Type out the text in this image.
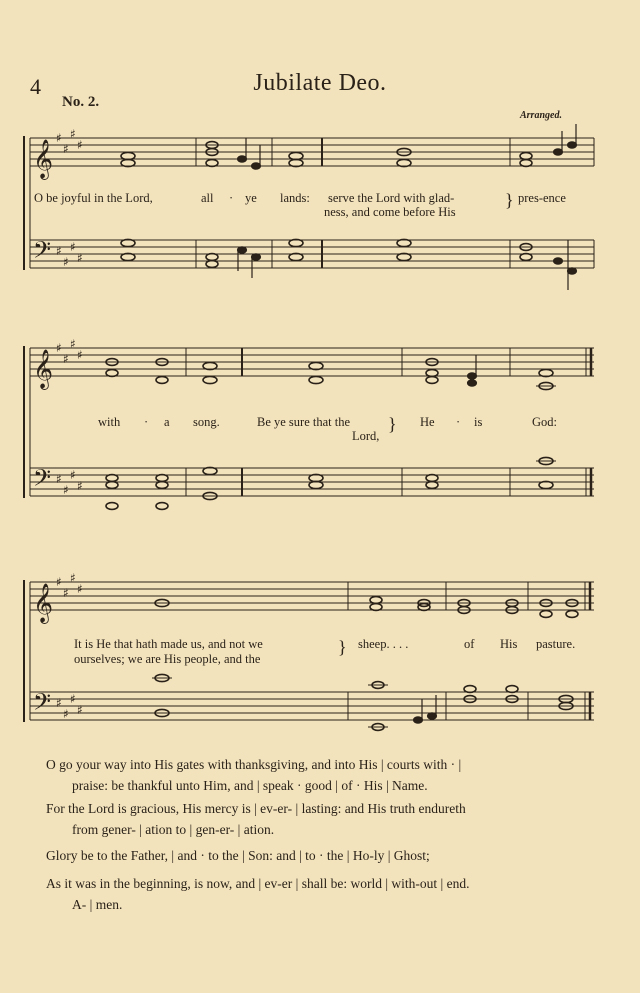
4	Jubilate Deo.
No. 2.
Arranged.
𝄞
𝄢
𝄞
𝄢
𝄞
𝄢
♯
♯
♯
♯
♯
♯
♯
♯
♯
♯
♯
♯
♯
♯
♯
♯
♯
♯
♯
♯
♯
♯
♯
♯
O be joyful in the Lord,	all · ye lands: serve the Lord with glad-
ness, and come before His
} pres-ence
with · a song.	Be ye sure that the
Lord,
} He · is	God:
It is He that hath made us, and not we
ourselves; we are His people, and the
} sheep. . . .	of His pasture.
O go your way into His gates with thanksgiving, and into His | courts with · |
praise: be thankful unto Him, and | speak · good | of · His | Name.
For the Lord is gracious, His mercy is | ev-er- | lasting: and His truth endureth
from gener- | ation to | gen-er- | ation.
Glory be to the Father, | and · to the | Son: and | to · the | Ho-ly | Ghost;
As it was in the beginning, is now, and | ev-er | shall be: world | with-out | end.
A- | men.
